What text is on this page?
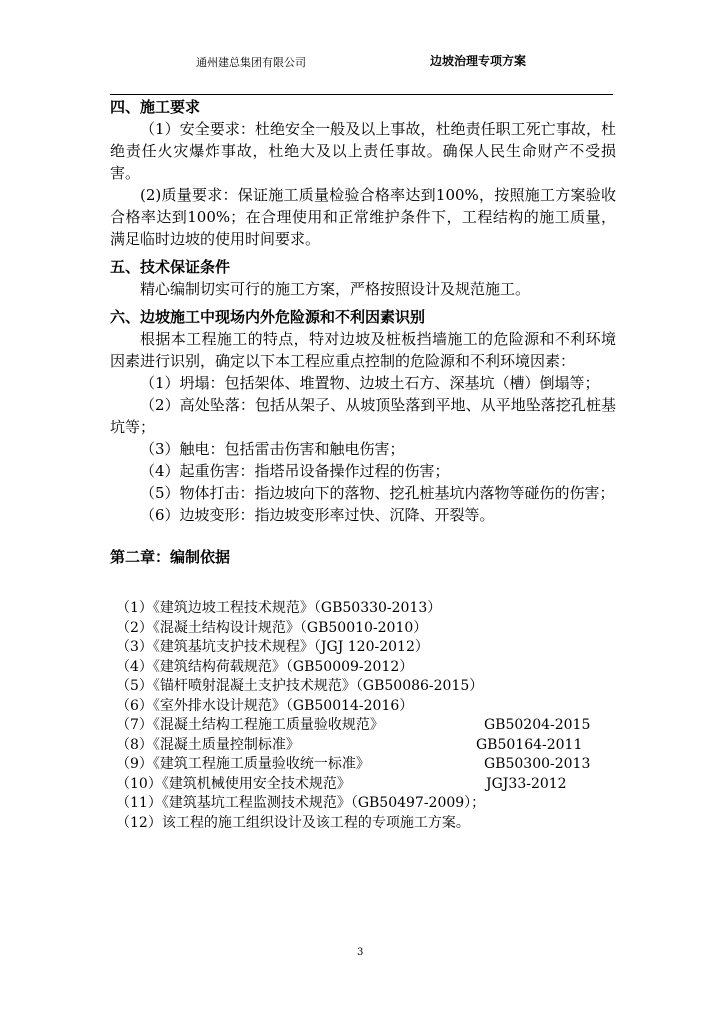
通州建总集团有限公司	边坡治理专项方案

四、施工要求

（1）安全要求：杜绝安全一般及以上事故，杜绝责任职工死亡事故，杜绝责任火灾爆炸事故，杜绝大及以上责任事故。确保人民生命财产不受损害。

(2)质量要求：保证施工质量检验合格率达到100%，按照施工方案验收合格率达到100%；在合理使用和正常维护条件下，工程结构的施工质量，满足临时边坡的使用时间要求。

五、技术保证条件

精心编制切实可行的施工方案，严格按照设计及规范施工。

六、边坡施工中现场内外危险源和不利因素识别

根据本工程施工的特点，特对边坡及桩板挡墙施工的危险源和不利环境因素进行识别，确定以下本工程应重点控制的危险源和不利环境因素：

（1）坍塌：包括架体、堆置物、边坡土石方、深基坑（槽）倒塌等；

（2）高处坠落：包括从架子、从坡顶坠落到平地、从平地坠落挖孔桩基坑等；

（3）触电：包括雷击伤害和触电伤害；

（4）起重伤害：指塔吊设备操作过程的伤害；

（5）物体打击：指边坡向下的落物、挖孔桩基坑内落物等碰伤的伤害；

（6）边坡变形：指边坡变形率过快、沉降、开裂等。

第二章：编制依据

（1）《建筑边坡工程技术规范》（GB50330-2013）
（2）《混凝土结构设计规范》（GB50010-2010）
（3）《建筑基坑支护技术规程》（JGJ 120-2012）
（4）《建筑结构荷载规范》（GB50009-2012）
（5）《锚杆喷射混凝土支护技术规范》（GB50086-2015）
（6）《室外排水设计规范》（GB50014-2016）
（7）《混凝土结构工程施工质量验收规范》	GB50204-2015
（8）《混凝土质量控制标准》	GB50164-2011
（9）《建筑工程施工质量验收统一标准》	GB50300-2013
（10）《建筑机械使用安全技术规范》	JGJ33-2012
（11）《建筑基坑工程监测技术规范》（GB50497-2009）；
（12）该工程的施工组织设计及该工程的专项施工方案。
3
